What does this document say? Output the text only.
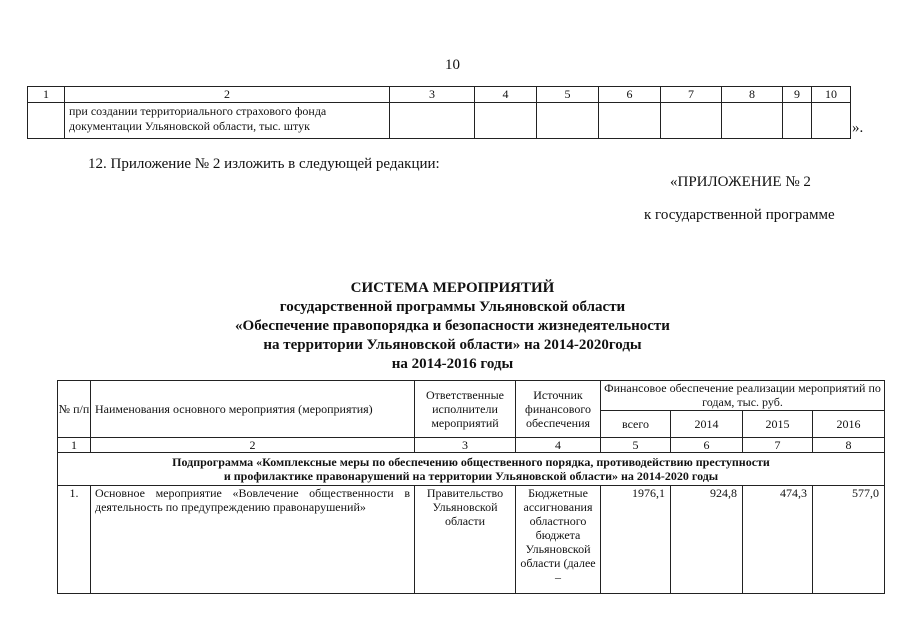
10
1	2	3	4	5	6	7	8	9	10

	при создании территориального страхового фонда
документации Ульяновской области, тыс. штук								
									».
12. Приложение № 2 изложить в следующей редакции:
«ПРИЛОЖЕНИЕ № 2
к государственной программе
СИСТЕМА МЕРОПРИЯТИЙ
государственной программы Ульяновской области
«Обеспечение правопорядка и безопасности жизнедеятельности
на территории Ульяновской области» на 2014-2020годы
на 2014-2016 годы
№ п/п	Наименования основного мероприятия (мероприятия)	Ответственные исполнители мероприятий	Источник финансового обеспечения	Финансовое обеспечение реализации мероприятий по годам, тыс. руб.			
				всего	2014	2015	2016
1	2	3	4	5	6	7	8

Подпрограмма «Комплексные меры по обеспечению общественного порядка, противодействию преступности
и профилактике правонарушений на территории Ульяновской области» на 2014-2020 годы							

1.	Основное мероприятие «Вовлечение общественности в деятельность по предупреждению правонарушений»	Правительство Ульяновской области	Бюджетные ассигнования областного бюджета Ульяновской области (далее –	1976,1	924,8	474,3	577,0
